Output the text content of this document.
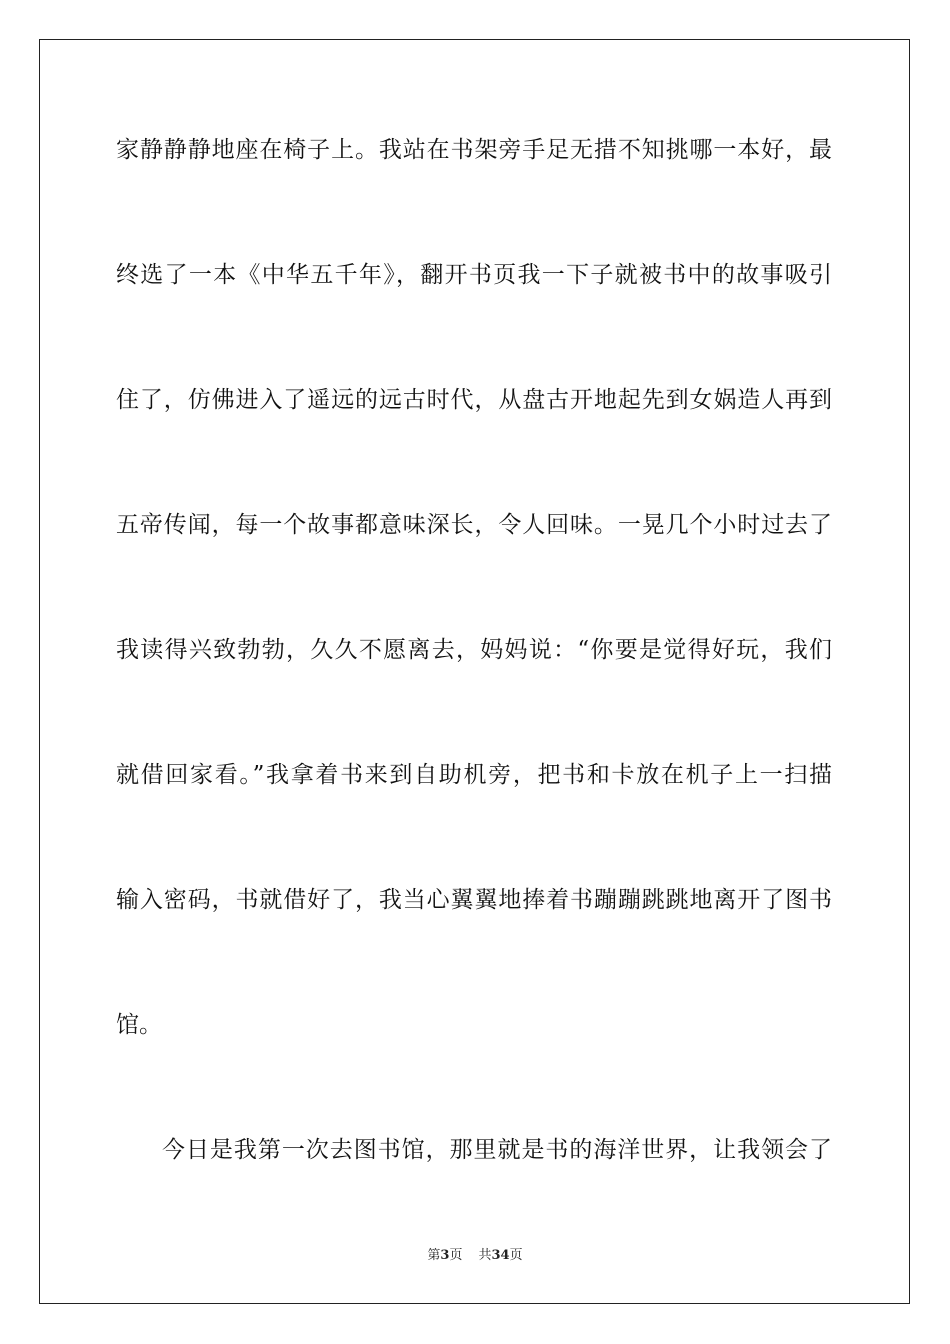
家静静静地座在椅子上。我站在书架旁手足无措不知挑哪一本好，最
终选了一本《中华五千年》，翻开书页我一下子就被书中的故事吸引
住了，仿佛进入了遥远的远古时代，从盘古开地起先到女娲造人再到
五帝传闻，每一个故事都意味深长，令人回味。一晃几个小时过去了
我读得兴致勃勃，久久不愿离去，妈妈说：“你要是觉得好玩，我们
就借回家看。”我拿着书来到自助机旁，把书和卡放在机子上一扫描
输入密码，书就借好了，我当心翼翼地捧着书蹦蹦跳跳地离开了图书
馆。
今日是我第一次去图书馆，那里就是书的海洋世界，让我领会了
第3页 共34页
